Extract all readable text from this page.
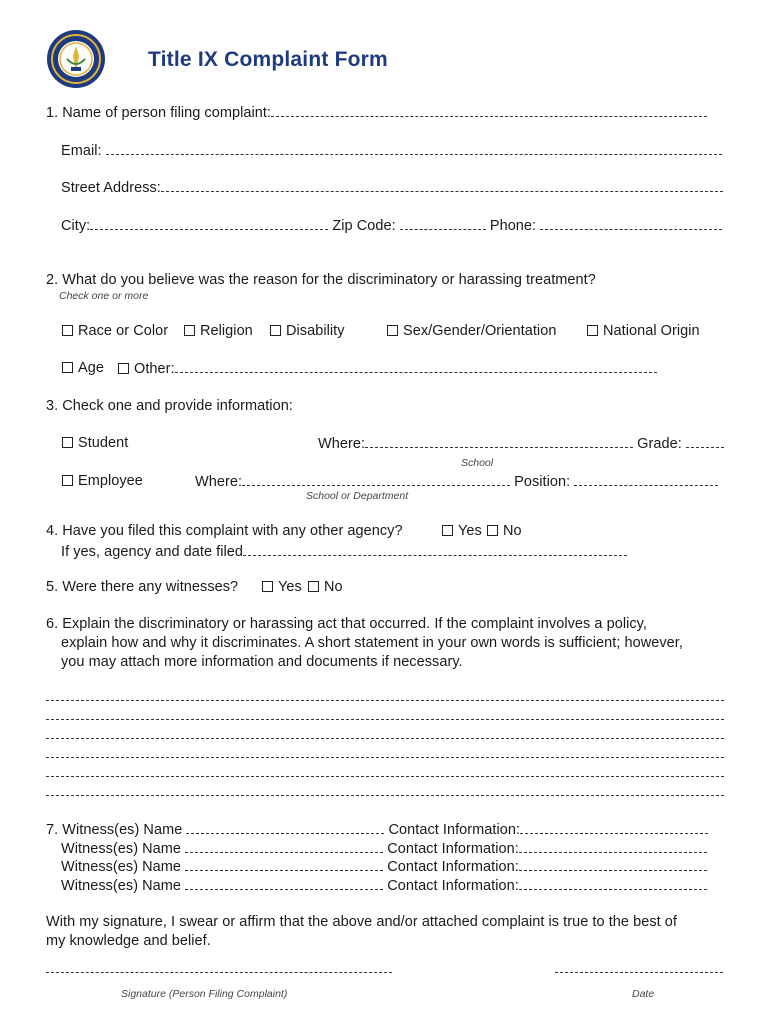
Title IX Complaint Form
1. Name of person filing complaint:
Email:
Street Address:
City:	Zip Code:	Phone:
2. What do you believe was the reason for the discriminatory or harassing treatment?
Check one or more
Race or Color	Religion	Disability	Sex/Gender/Orientation	National Origin
Age	Other:
3. Check one and provide information:
Student	Where:	Grade:
School
Employee	Where:	Position:
School or Department
4. Have you filed this complaint with any other agency?	Yes	No
If yes, agency and date filed
5. Were there any witnesses?	Yes	No
6. Explain the discriminatory or harassing act that occurred. If the complaint involves a policy,
explain how and why it discriminates. A short statement in your own words is sufficient; however,
you may attach more information and documents if necessary.
7. Witness(es) Name	Contact Information:
Witness(es) Name	Contact Information:
Witness(es) Name	Contact Information:
Witness(es) Name	Contact Information:
With my signature, I swear or affirm that the above and/or attached complaint is true to the best of
my knowledge and belief.
Signature (Person Filing Complaint)	Date
